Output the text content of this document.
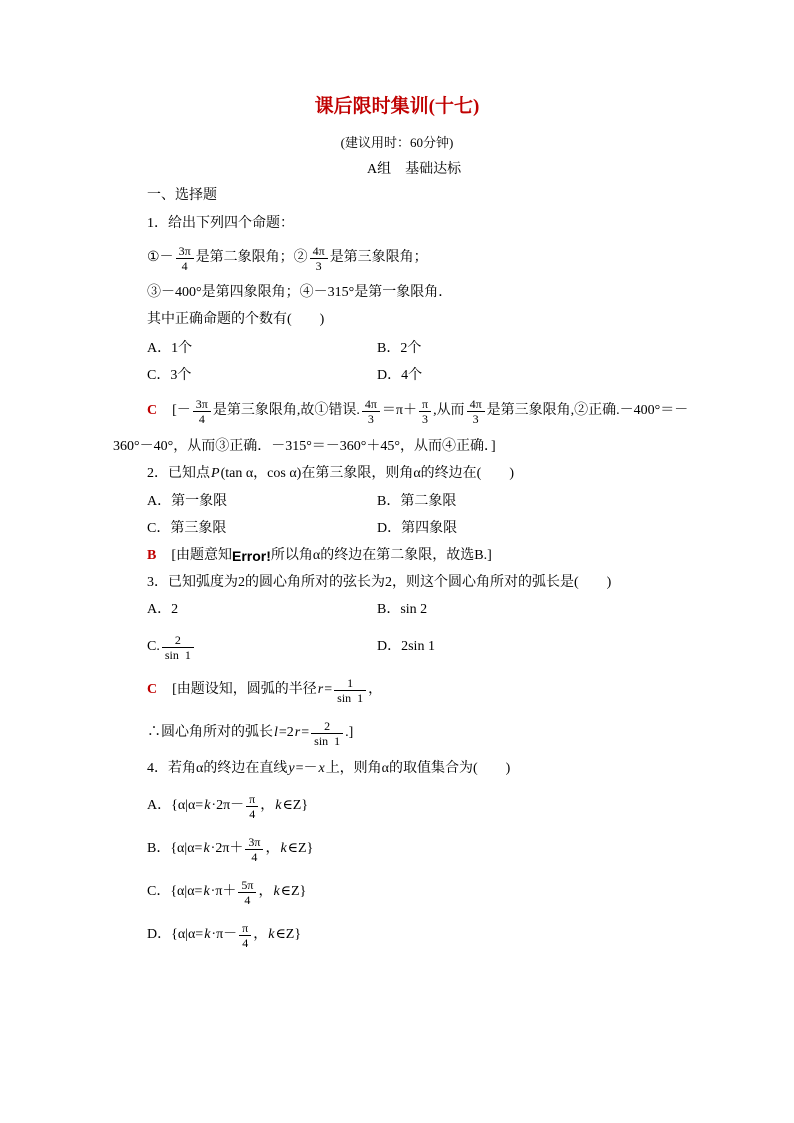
课后限时集训(十七)
(建议用时：60分钟)
A组　基础达标
一、选择题
1．给出下列四个命题：
①－ $\frac{3\pi}{4}$ 是第二象限角；② $\frac{4\pi}{3}$ 是第三象限角；
③－400°是第四象限角；④－315°是第一象限角．
其中正确命题的个数有(　　)
A．1个	B．2个
C．3个	D．4个
C [－ $\frac{3\pi}{4}$ 是第三象限角,故①错误. $\frac{4\pi}{3} =\pi+ \frac{\pi}{3}$ ,从而 $\frac{4\pi}{3}$ 是第三象限角,②正确.－400°＝－
360°－40°，从而③正确．－315°＝－360°＋45°，从而④正确．]
2．已知点 P (tan α，cos α)在第三象限，则角α的终边在(　　)
A．第一象限	B．第二象限
C．第三象限	D．第四象限
B [由题意知 Error! 所以角α的终边在第二象限，故选B.]
3．已知弧度为2的圆心角所对的弦长为2，则这个圆心角所对的弧长是(　　)
A．2	B．sin 2
C. $\frac{2}{\sin 1}$	D．2sin 1
C [由题设知，圆弧的半径 $r = \frac{1}{\sin 1}$ ，
∴圆心角所对的弧长 l =2 $r = \frac{2}{\sin 1}$ .]
4．若角α的终边在直线 y =－ x 上，则角α的取值集合为(　　)
A．{$\alpha|\alpha= k \cdot 2\pi- \frac{\pi}{4}$ ， k ∈Z}
B．{$\alpha|\alpha= k \cdot 2\pi+ \frac{3\pi}{4}$ ， k ∈Z}
C．{$\alpha|\alpha= k \cdot\pi+ \frac{5\pi}{4}$ ， k ∈Z}
D．{$\alpha|\alpha= k \cdot\pi- \frac{\pi}{4}$ ， k ∈Z}
